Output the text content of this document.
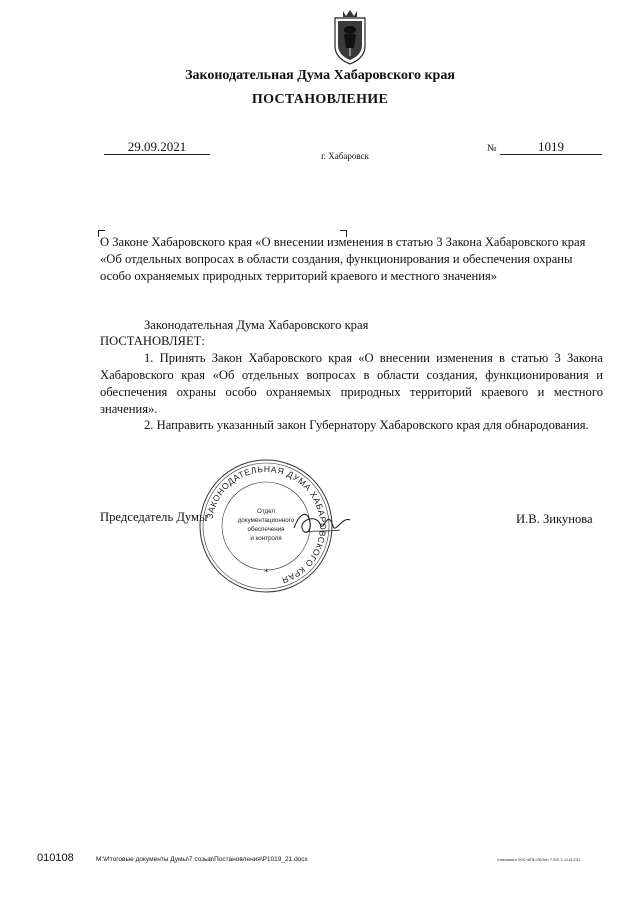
Законодательная Дума Хабаровского края
ПОСТАНОВЛЕНИЕ
29.09.2021
г. Хабаровск
№	1019
О Законе Хабаровского края «О внесении изменения в статью 3 Закона Хабаровского края «Об отдельных вопросах в области создания, функционирования и обеспечения охраны особо охраняемых природных территорий краевого и местного значения»
Законодательная Дума Хабаровского края
ПОСТАНОВЛЯЕТ:
1. Принять Закон Хабаровского края «О внесении изменения в статью 3 Закона Хабаровского края «Об отдельных вопросах в области создания, функционирования и обеспечения охраны особо охраняемых природных территорий краевого и местного значения».
2. Направить указанный закон Губернатору Хабаровского края для обнародования.
Председатель Думы	И.В. Зикунова
ЗАКОНОДАТЕЛЬНАЯ ДУМА ХАБАРОВСКОГО КРАЯ
Отдел
документационного
обеспечения
и контроля
*
010108	M:\Итоговые документы Думы\7 созыв\Постановления\P1019_21.docx	Отпечатано в ООО «ИПК «ОБЛ»К» Т. 819. З. 12-18-2111.
